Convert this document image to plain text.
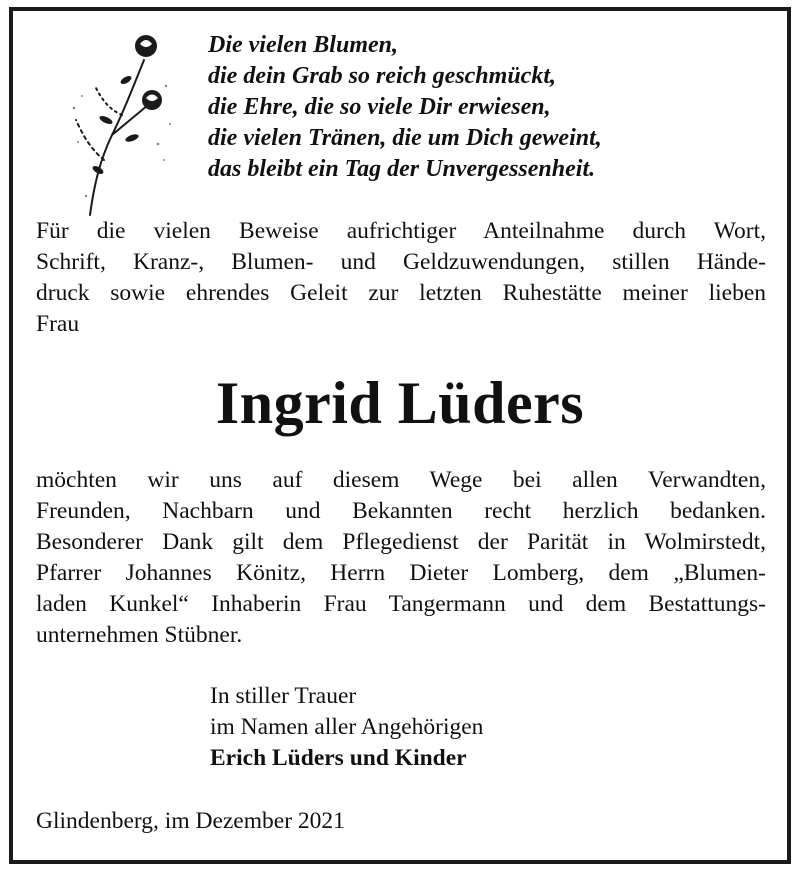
Die vielen Blumen,
die dein Grab so reich geschmückt,
die Ehre, die so viele Dir erwiesen,
die vielen Tränen, die um Dich geweint,
das bleibt ein Tag der Unvergessenheit.
Für die vielen Beweise aufrichtiger Anteilnahme durch Wort,
Schrift, Kranz-, Blumen- und Geldzuwendungen, stillen Hände-
druck sowie ehrendes Geleit zur letzten Ruhestätte meiner lieben
Frau
Ingrid Lüders
möchten wir uns auf diesem Wege bei allen Verwandten,
Freunden, Nachbarn und Bekannten recht herzlich bedanken.
Besonderer Dank gilt dem Pflegedienst der Parität in Wolmirstedt,
Pfarrer Johannes Könitz, Herrn Dieter Lomberg, dem „Blumen-
laden Kunkel“ Inhaberin Frau Tangermann und dem Bestattungs-
unternehmen Stübner.
In stiller Trauer
im Namen aller Angehörigen
Erich Lüders und Kinder
Glindenberg, im Dezember 2021
